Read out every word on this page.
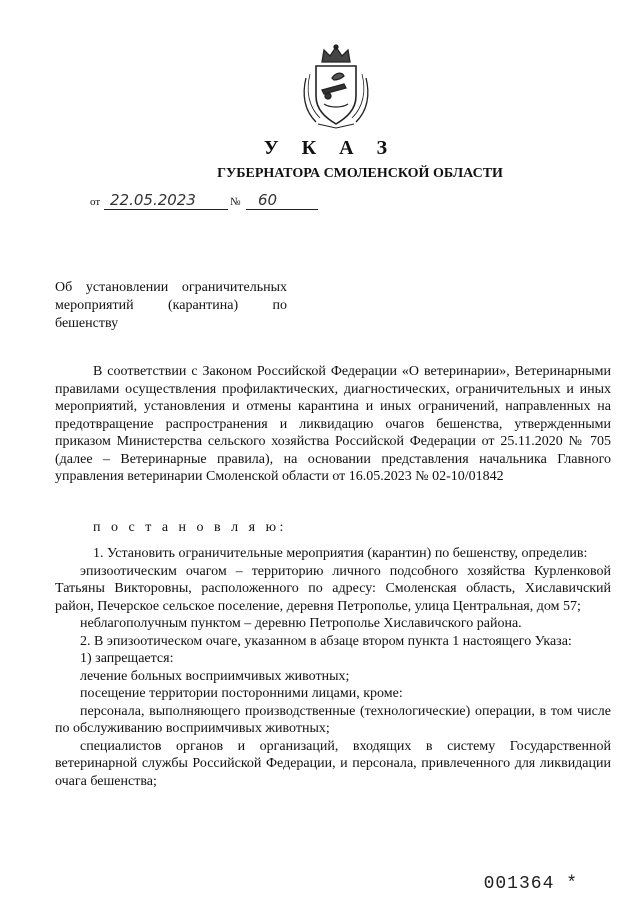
У К А З
ГУБЕРНАТОРА СМОЛЕНСКОЙ ОБЛАСТИ
от 22.05.2023	№ 60
Об установлении ограничительных
мероприятий (карантина) по
бешенству

В соответствии с Законом Российской Федерации «О ветеринарии», Ветеринарными правилами осуществления профилактических, диагностических, ограничительных и иных мероприятий, установления и отмены карантина и иных ограничений, направленных на предотвращение распространения и ликвидацию очагов бешенства, утвержденными приказом Министерства сельского хозяйства Российской Федерации от 25.11.2020 № 705 (далее – Ветеринарные правила), на основании представления начальника Главного управления ветеринарии Смоленской области от 16.05.2023 № 02-10/01842

п о с т а н о в л я ю:

1. Установить ограничительные мероприятия (карантин) по бешенству, определив:

эпизоотическим очагом – территорию личного подсобного хозяйства Курленковой Татьяны Викторовны, расположенного по адресу: Смоленская область, Хиславичский район, Печерское сельское поселение, деревня Петрополье, улица Центральная, дом 57;

неблагополучным пунктом – деревню Петрополье Хиславичского района.

2. В эпизоотическом очаге, указанном в абзаце втором пункта 1 настоящего Указа:

1) запрещается:

лечение больных восприимчивых животных;

посещение территории посторонними лицами, кроме:

персонала, выполняющего производственные (технологические) операции, в том числе по обслуживанию восприимчивых животных;

специалистов органов и организаций, входящих в систему Государственной ветеринарной службы Российской Федерации, и персонала, привлеченного для ликвидации очага бешенства;

001364 *
